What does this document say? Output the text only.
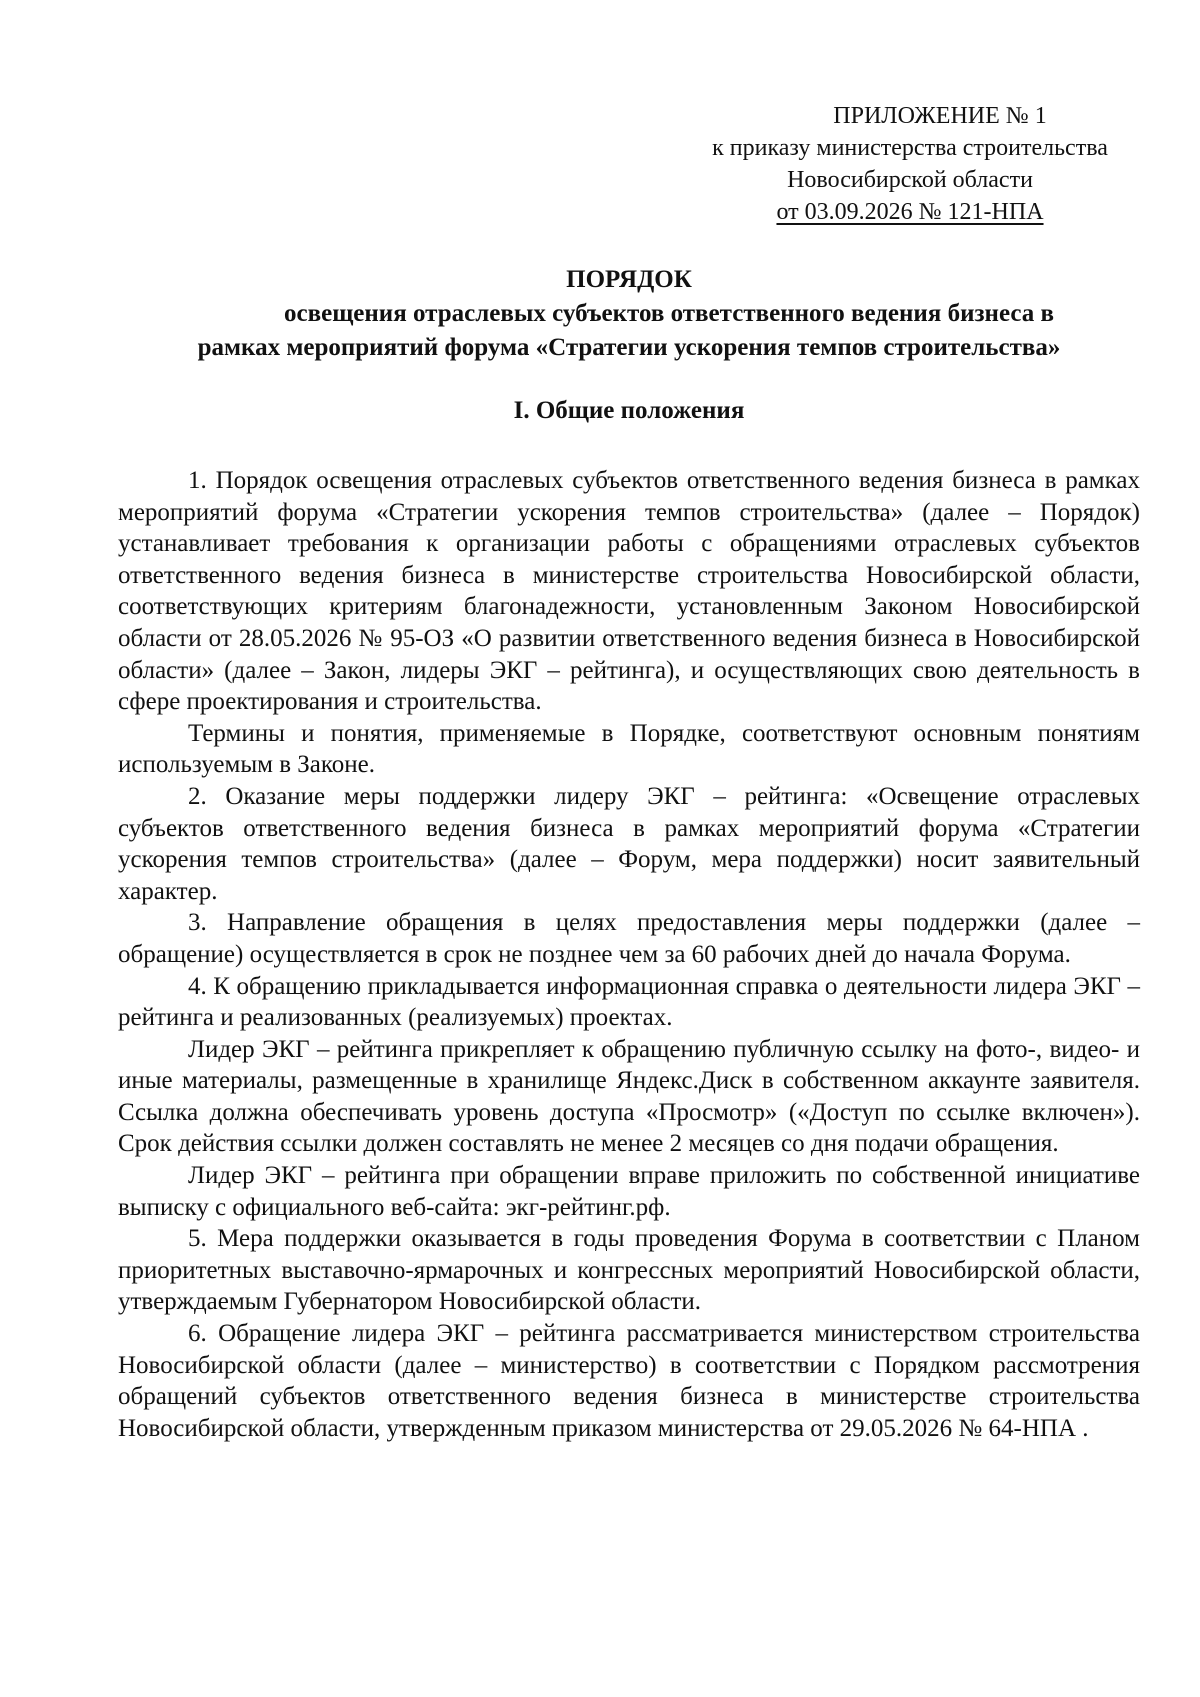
ПРИЛОЖЕНИЕ № 1
к приказу министерства строительства
Новосибирской области
от 03.09.2026 № 121-НПА
ПОРЯДОК
освещения отраслевых субъектов ответственного ведения бизнеса в
рамках мероприятий форума «Стратегии ускорения темпов строительства»
I. Общие положения

1. Порядок освещения отраслевых субъектов ответственного ведения бизнеса в рамках мероприятий форума «Стратегии ускорения темпов строительства» (далее – Порядок) устанавливает требования к организации работы с обращениями отраслевых субъектов ответственного ведения бизнеса в министерстве строительства Новосибирской области, соответствующих критериям благонадежности, установленным Законом Новосибирской области от 28.05.2026 № 95-ОЗ «О развитии ответственного ведения бизнеса в Новосибирской области» (далее – Закон, лидеры ЭКГ – рейтинга), и осуществляющих свою деятельность в сфере проектирования и строительства.

Термины и понятия, применяемые в Порядке, соответствуют основным понятиям используемым в Законе.

2. Оказание меры поддержки лидеру ЭКГ – рейтинга: «Освещение отраслевых субъектов ответственного ведения бизнеса в рамках мероприятий форума «Стратегии ускорения темпов строительства» (далее – Форум, мера поддержки) носит заявительный характер.

3. Направление обращения в целях предоставления меры поддержки (далее – обращение) осуществляется в срок не позднее чем за 60 рабочих дней до начала Форума.

4. К обращению прикладывается информационная справка о деятельности лидера ЭКГ – рейтинга и реализованных (реализуемых) проектах.

Лидер ЭКГ – рейтинга прикрепляет к обращению публичную ссылку на фото-, видео- и иные материалы, размещенные в хранилище Яндекс.Диск в собственном аккаунте заявителя. Ссылка должна обеспечивать уровень доступа «Просмотр» («Доступ по ссылке включен»). Срок действия ссылки должен составлять не менее 2 месяцев со дня подачи обращения.

Лидер ЭКГ – рейтинга при обращении вправе приложить по собственной инициативе выписку с официального веб-сайта: экг-рейтинг.рф.

5. Мера поддержки оказывается в годы проведения Форума в соответствии с Планом приоритетных выставочно-ярмарочных и конгрессных мероприятий Новосибирской области, утверждаемым Губернатором Новосибирской области.

6. Обращение лидера ЭКГ – рейтинга рассматривается министерством строительства Новосибирской области (далее – министерство) в соответствии с Порядком рассмотрения обращений субъектов ответственного ведения бизнеса в министерстве строительства Новосибирской области, утвержденным приказом министерства от 29.05.2026 № 64-НПА .
